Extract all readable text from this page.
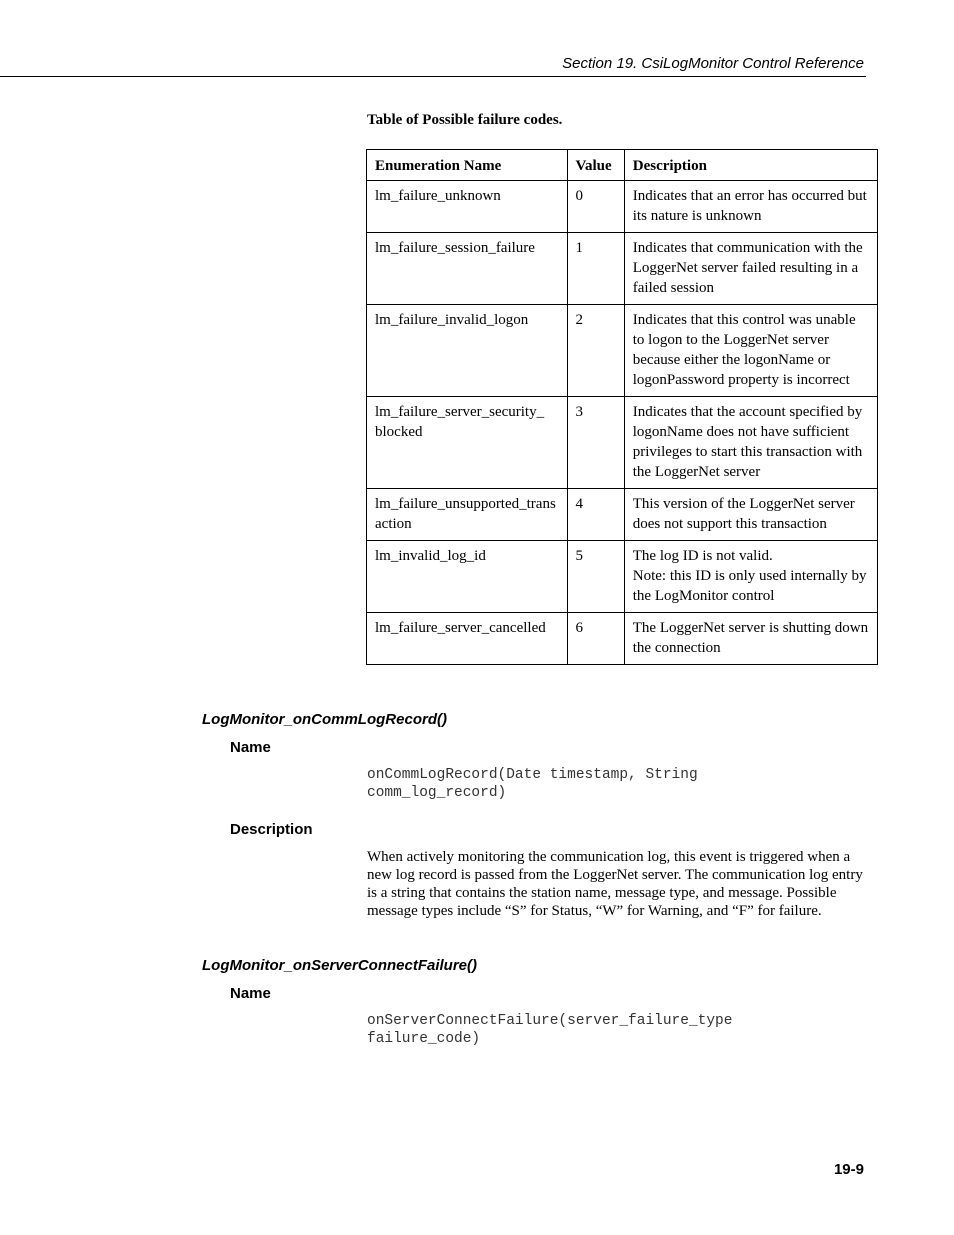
Section 19. CsiLogMonitor Control Reference
Table of Possible failure codes.
Enumeration Name	Value	Description
lm_failure_unknown	0	Indicates that an error has occurred but its nature is unknown
lm_failure_session_failure	1	Indicates that communication with the LoggerNet server failed resulting in a failed session
lm_failure_invalid_logon	2	Indicates that this control was unable to logon to the LoggerNet server because either the logonName or logonPassword property is incorrect
lm_failure_server_security_ blocked	3	Indicates that the account specified by logonName does not have sufficient privileges to start this transaction with the LoggerNet server
lm_failure_unsupported_transaction	4	This version of the LoggerNet server does not support this transaction
lm_invalid_log_id	5	The log ID is not valid.
Note: this ID is only used internally by the LogMonitor control

lm_failure_server_cancelled	6	The LoggerNet server is shutting down the connection
LogMonitor_onCommLogRecord()
Name
onCommLogRecord(Date timestamp, String
comm_log_record)
Description

When actively monitoring the communication log, this event is triggered when a new log record is passed from the LoggerNet server. The communication log entry is a string that contains the station name, message type, and message. Possible message types include “S” for Status, “W” for Warning, and “F” for failure.

LogMonitor_onServerConnectFailure()
Name
onServerConnectFailure(server_failure_type
failure_code)
19-9
